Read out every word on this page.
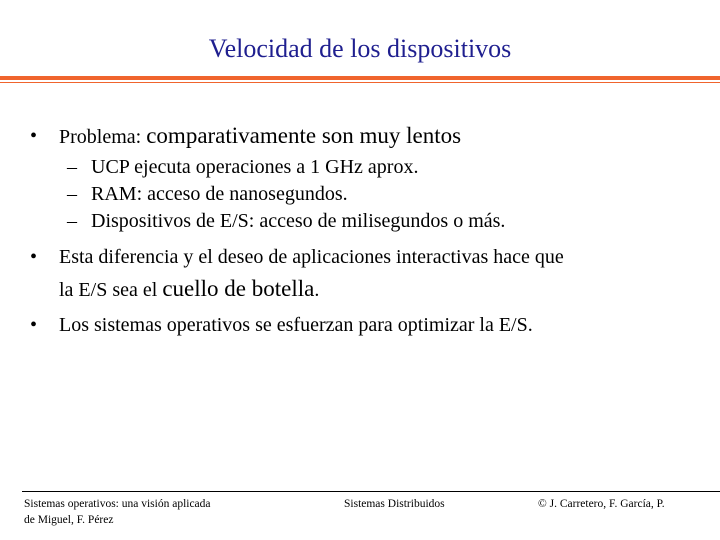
Velocidad de los dispositivos
• Problema: comparativamente son muy lentos
– UCP ejecuta operaciones a 1 GHz aprox.
– RAM: acceso de nanosegundos.
– Dispositivos de E/S: acceso de milisegundos o más.
• Esta diferencia y el deseo de aplicaciones interactivas hace que
la E/S sea el cuello de botella.
• Los sistemas operativos se esfuerzan para optimizar la E/S.
Sistemas operativos: una visión aplicada
de Miguel, F. Pérez
Sistemas Distribuidos	© J. Carretero, F. García, P.
